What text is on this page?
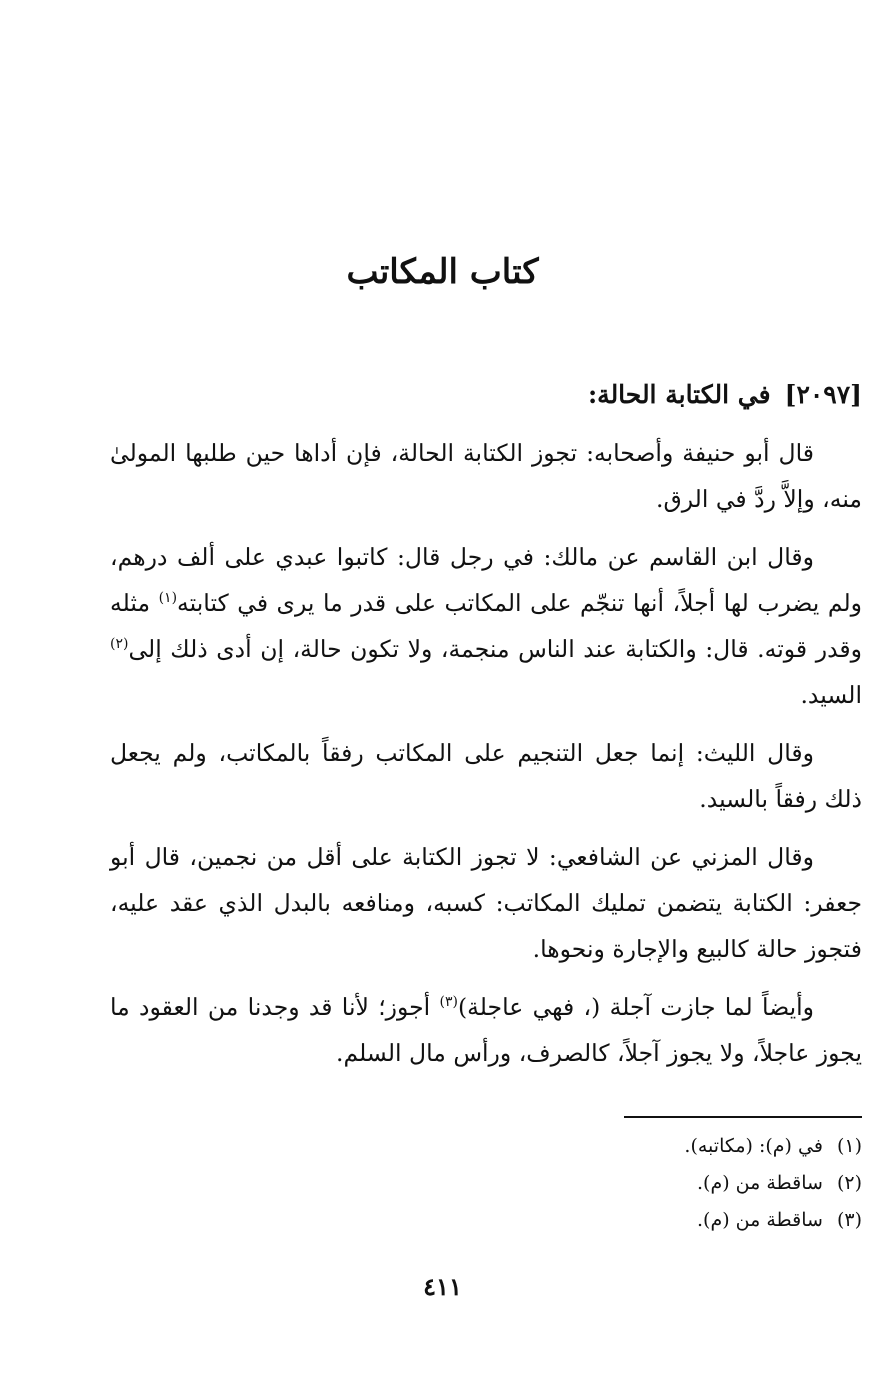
كتاب المكاتب

[٢٠٩٧]في الكتابة الحالة:

قال أبو حنيفة وأصحابه: تجوز الكتابة الحالة، فإن أداها حين طلبها المولىٰ منه، وإلاَّ ردَّ في الرق.

وقال ابن القاسم عن مالك: في رجل قال: كاتبوا عبدي على ألف درهم، ولم يضرب لها أجلاً، أنها تنجّم على المكاتب على قدر ما يرى في كتابته$^{(١)}$ مثله وقدر قوته. قال: والكتابة عند الناس منجمة، ولا تكون حالة، إن أدى ذلك إلى$^{(٢)}$ السيد.

وقال الليث: إنما جعل التنجيم على المكاتب رفقاً بالمكاتب، ولم يجعل ذلك رفقاً بالسيد.

وقال المزني عن الشافعي: لا تجوز الكتابة على أقل من نجمين، قال أبو جعفر: الكتابة يتضمن تمليك المكاتب: كسبه، ومنافعه بالبدل الذي عقد عليه، فتجوز حالة كالبيع والإجارة ونحوها.

وأيضاً لما جازت آجلة (، فهي عاجلة)$^{(٣)}$ أجوز؛ لأنا قد وجدنا من العقود ما يجوز عاجلاً، ولا يجوز آجلاً، كالصرف، ورأس مال السلم.

(١)في (م): (مكاتبه).

(٢)ساقطة من (م).

(٣)ساقطة من (م).

٤١١
